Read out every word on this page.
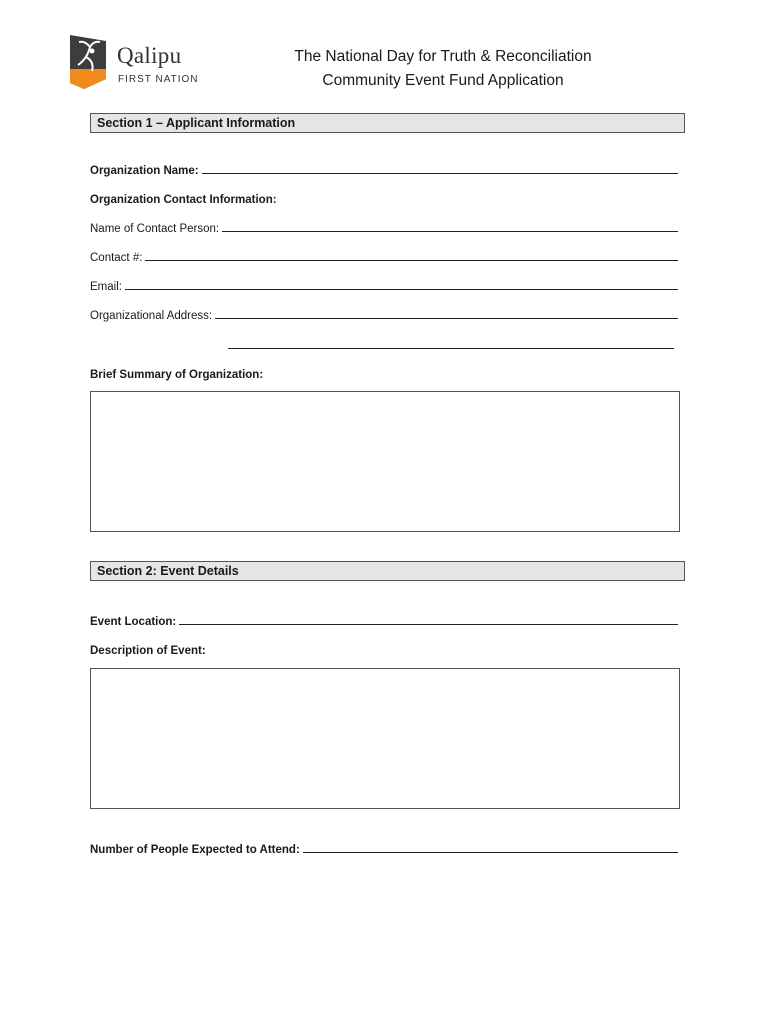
Qalipu
FIRST NATION
The National Day for Truth & Reconciliation
Community Event Fund Application
Section 1 – Applicant Information
Organization Name:
Organization Contact Information:
Name of Contact Person:
Contact #:
Email:
Organizational Address:
Brief Summary of Organization:
Section 2: Event Details
Event Location:
Description of Event:
Number of People Expected to Attend:
